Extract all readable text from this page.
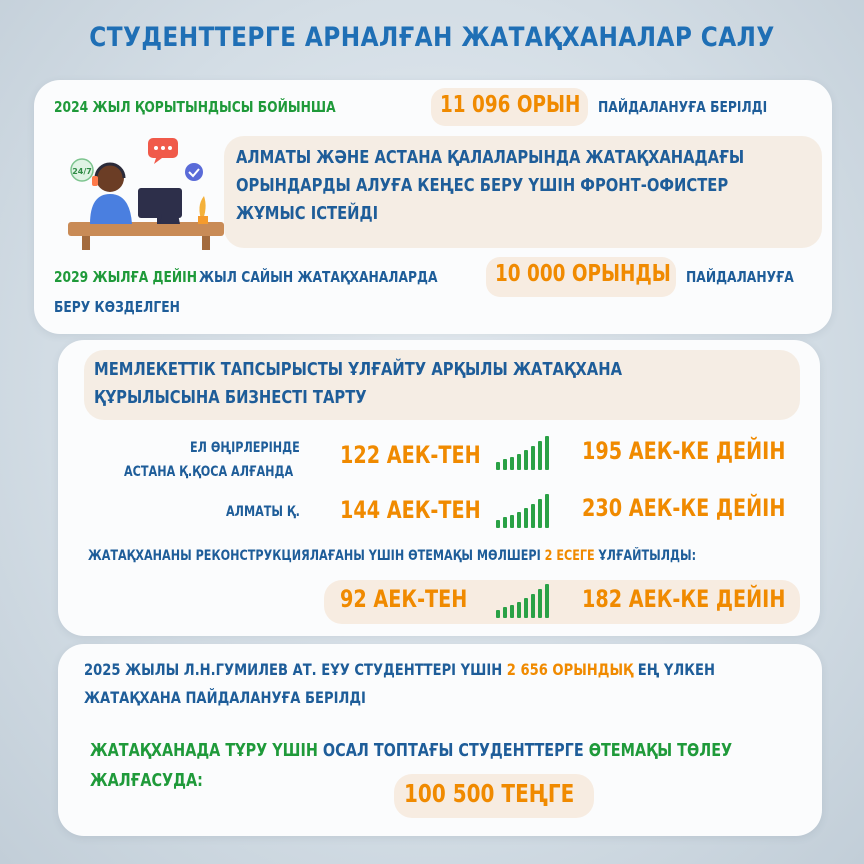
СТУДЕНТТЕРГЕ АРНАЛҒАН ЖАТАҚХАНАЛАР САЛУ
2024 ЖЫЛ ҚОРЫТЫНДЫСЫ БОЙЫНША	11 096 ОРЫН ПАЙДАЛАНУҒА БЕРІЛДІ
24/7
АЛМАТЫ ЖӘНЕ АСТАНА ҚАЛАЛАРЫНДА ЖАТАҚХАНАДАҒЫ ОРЫНДАРДЫ АЛУҒА КЕҢЕС БЕРУ ҮШІН ФРОНТ-ОФИСТЕР ЖҰМЫС ІСТЕЙДІ
2029 ЖЫЛҒА ДЕЙІН ЖЫЛ САЙЫН ЖАТАҚХАНАЛАРДА 10 000 ОРЫНДЫ ПАЙДАЛАНУҒА
БЕРУ КӨЗДЕЛГЕН
МЕМЛЕКЕТТІК ТАПСЫРЫСТЫ ҰЛҒАЙТУ АРҚЫЛЫ ЖАТАҚХАНА ҚҰРЫЛЫСЫНА БИЗНЕСТІ ТАРТУ
ЕЛ ӨҢІРЛЕРІНДЕ
АСТАНА Қ.ҚОСА АЛҒАНДА
122 АЕК-ТЕН	195 АЕК-КЕ ДЕЙІН
АЛМАТЫ Қ. 144 АЕК-ТЕН	230 АЕК-КЕ ДЕЙІН
ЖАТАҚХАНАНЫ РЕКОНСТРУКЦИЯЛАҒАНЫ ҮШІН ӨТЕМАҚЫ МӨЛШЕРІ 2 ЕСЕГЕ ҰЛҒАЙТЫЛДЫ:
92 АЕК-ТЕН	182 АЕК-КЕ ДЕЙІН
2025 ЖЫЛЫ Л.Н.ГУМИЛЕВ АТ. ЕҰУ СТУДЕНТТЕРІ ҮШІН 2 656 ОРЫНДЫҚ ЕҢ ҮЛКЕН
ЖАТАҚХАНА ПАЙДАЛАНУҒА БЕРІЛДІ
ЖАТАҚХАНАДА ТҰРУ ҮШІН ОСАЛ ТОПТАҒЫ СТУДЕНТТЕРГЕ ӨТЕМАҚЫ ТӨЛЕУ
ЖАЛҒАСУДА:	100 500 ТЕҢГЕ
